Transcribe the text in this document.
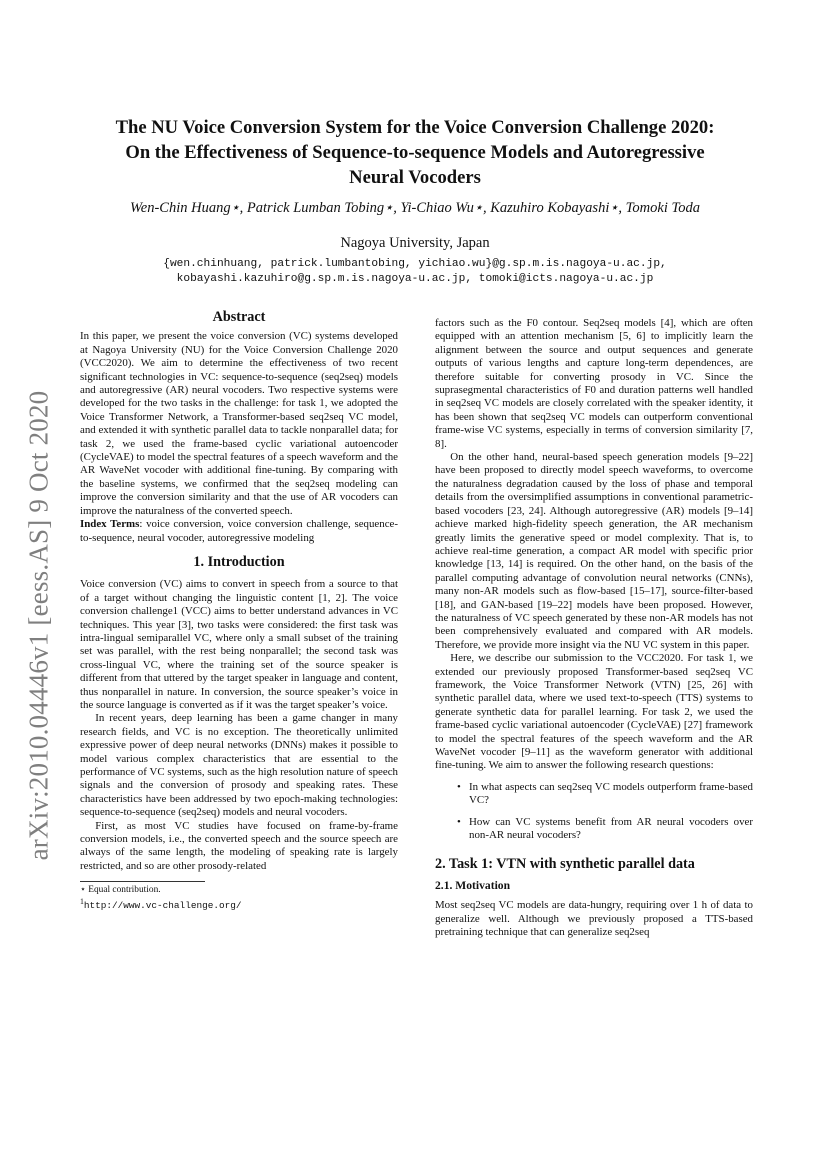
arXiv:2010.04446v1 [eess.AS] 9 Oct 2020
The NU Voice Conversion System for the Voice Conversion Challenge 2020:
On the Effectiveness of Sequence-to-sequence Models and Autoregressive
Neural Vocoders
Wen-Chin Huang⋆, Patrick Lumban Tobing⋆, Yi-Chiao Wu⋆, Kazuhiro Kobayashi⋆, Tomoki Toda
Nagoya University, Japan
{wen.chinhuang, patrick.lumbantobing, yichiao.wu}@g.sp.m.is.nagoya-u.ac.jp,
kobayashi.kazuhiro@g.sp.m.is.nagoya-u.ac.jp, tomoki@icts.nagoya-u.ac.jp
Abstract

In this paper, we present the voice conversion (VC) systems developed at Nagoya University (NU) for the Voice Conversion Challenge 2020 (VCC2020). We aim to determine the effectiveness of two recent significant technologies in VC: sequence-to-sequence (seq2seq) models and autoregressive (AR) neural vocoders. Two respective systems were developed for the two tasks in the challenge: for task 1, we adopted the Voice Transformer Network, a Transformer-based seq2seq VC model, and extended it with synthetic parallel data to tackle nonparallel data; for task 2, we used the frame-based cyclic variational autoencoder (CycleVAE) to model the spectral features of a speech waveform and the AR WaveNet vocoder with additional fine-tuning. By comparing with the baseline systems, we confirmed that the seq2seq modeling can improve the conversion similarity and that the use of AR vocoders can improve the naturalness of the converted speech.

Index Terms: voice conversion, voice conversion challenge, sequence-to-sequence, neural vocoder, autoregressive modeling

1. Introduction

Voice conversion (VC) aims to convert in speech from a source to that of a target without changing the linguistic content [1, 2]. The voice conversion challenge1 (VCC) aims to better understand advances in VC techniques. This year [3], two tasks were considered: the first task was intra-lingual semiparallel VC, where only a small subset of the training set was parallel, with the rest being nonparallel; the second task was cross-lingual VC, where the training set of the source speaker is different from that uttered by the target speaker in language and content, thus nonparallel in nature. In conversion, the source speaker’s voice in the source language is converted as if it was the target speaker’s voice.

In recent years, deep learning has been a game changer in many research fields, and VC is no exception. The theoretically unlimited expressive power of deep neural networks (DNNs) makes it possible to model various complex characteristics that are essential to the performance of VC systems, such as the high resolution nature of speech signals and the conversion of prosody and speaking rates. These characteristics have been addressed by two epoch-making technologies: sequence-to-sequence (seq2seq) models and neural vocoders.

First, as most VC studies have focused on frame-by-frame conversion models, i.e., the converted speech and the source speech are always of the same length, the modeling of speaking rate is largely restricted, and so are other prosody-related

⋆ Equal contribution.
$^1$http://www.vc-challenge.org/

factors such as the F0 contour. Seq2seq models [4], which are often equipped with an attention mechanism [5, 6] to implicitly learn the alignment between the source and output sequences and generate outputs of various lengths and capture long-term dependences, are therefore suitable for converting prosody in VC. Since the suprasegmental characteristics of F0 and duration patterns well handled in seq2seq VC models are closely correlated with the speaker identity, it has been shown that seq2seq VC models can outperform conventional frame-wise VC systems, especially in terms of conversion similarity [7, 8].

On the other hand, neural-based speech generation models [9–22] have been proposed to directly model speech waveforms, to overcome the naturalness degradation caused by the loss of phase and temporal details from the oversimplified assumptions in conventional parametric-based vocoders [23, 24]. Although autoregressive (AR) models [9–14] achieve marked high-fidelity speech generation, the AR mechanism greatly limits the generative speed or model complexity. That is, to achieve real-time generation, a compact AR model with specific prior knowledge [13, 14] is required. On the other hand, on the basis of the parallel computing advantage of convolution neural networks (CNNs), many non-AR models such as flow-based [15–17], source-filter-based [18], and GAN-based [19–22] models have been proposed. However, the naturalness of VC speech generated by these non-AR models has not been comprehensively evaluated and compared with AR models. Therefore, we provide more insight via the NU VC system in this paper.

Here, we describe our submission to the VCC2020. For task 1, we extended our previously proposed Transformer-based seq2seq VC framework, the Voice Transformer Network (VTN) [25, 26] with synthetic parallel data, where we used text-to-speech (TTS) systems to generate synthetic data for parallel learning. For task 2, we used the frame-based cyclic variational autoencoder (CycleVAE) [27] framework to model the spectral features of the speech waveform and the AR WaveNet vocoder [9–11] as the waveform generator with additional fine-tuning. We aim to answer the following research questions:

• In what aspects can seq2seq VC models outperform frame-based VC?
• How can VC systems benefit from AR neural vocoders over non-AR neural vocoders?
2. Task 1: VTN with synthetic parallel data
2.1. Motivation

Most seq2seq VC models are data-hungry, requiring over 1 h of data to generalize well. Although we previously proposed a TTS-based pretraining technique that can generalize seq2seq
